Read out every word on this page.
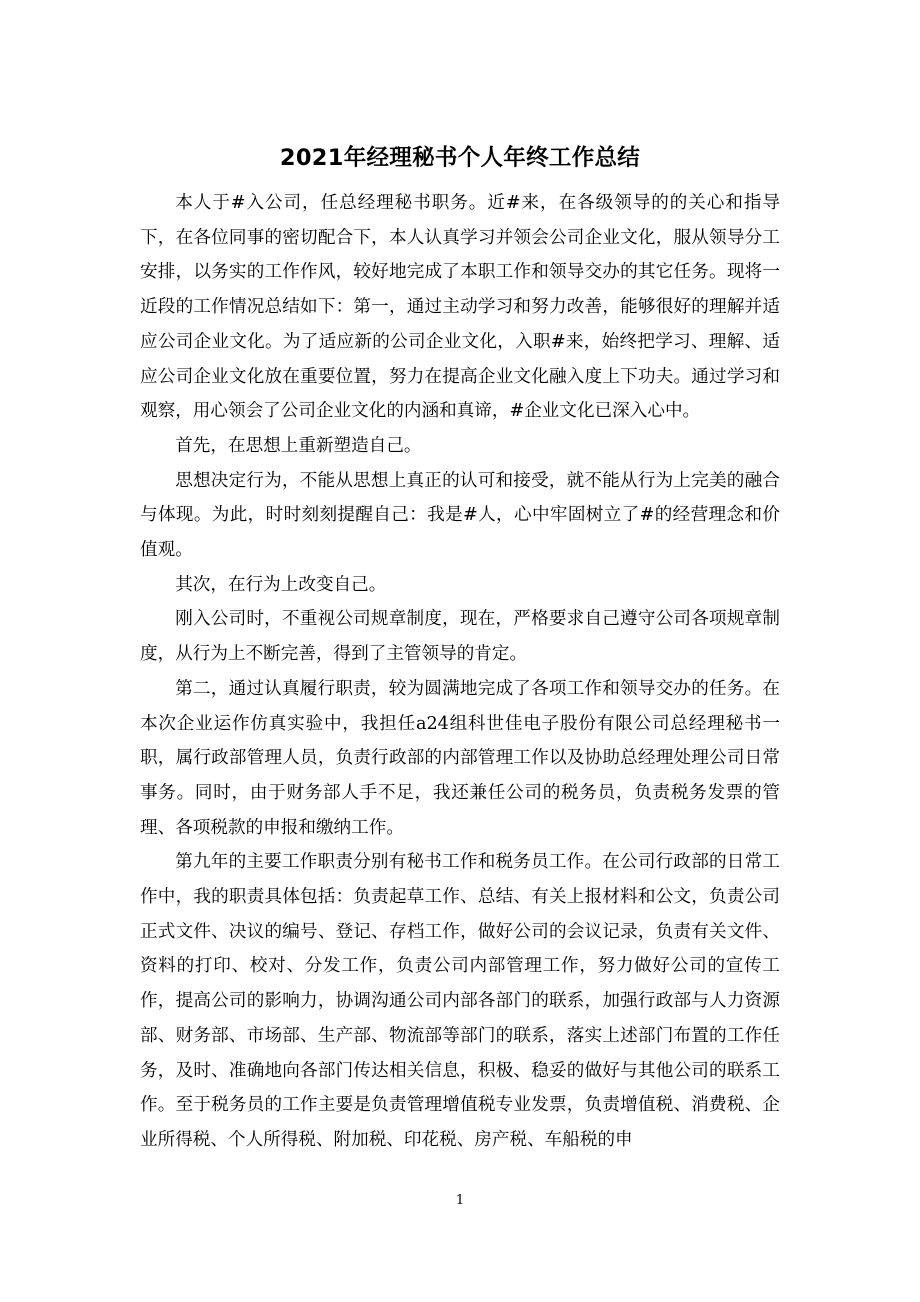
2021年经理秘书个人年终工作总结

本人于#入公司，任总经理秘书职务。近#来，在各级领导的的关心和指导下，在各位同事的密切配合下，本人认真学习并领会公司企业文化，服从领导分工安排，以务实的工作作风，较好地完成了本职工作和领导交办的其它任务。现将一近段的工作情况总结如下：第一，通过主动学习和努力改善，能够很好的理解并适应公司企业文化。为了适应新的公司企业文化，入职#来，始终把学习、理解、适应公司企业文化放在重要位置，努力在提高企业文化融入度上下功夫。通过学习和观察，用心领会了公司企业文化的内涵和真谛，#企业文化已深入心中。

首先，在思想上重新塑造自己。

思想决定行为，不能从思想上真正的认可和接受，就不能从行为上完美的融合与体现。为此，时时刻刻提醒自己：我是#人，心中牢固树立了#的经营理念和价值观。

其次，在行为上改变自己。

刚入公司时，不重视公司规章制度，现在，严格要求自己遵守公司各项规章制度，从行为上不断完善，得到了主管领导的肯定。

第二，通过认真履行职责，较为圆满地完成了各项工作和领导交办的任务。在本次企业运作仿真实验中，我担任a24组科世佳电子股份有限公司总经理秘书一职，属行政部管理人员，负责行政部的内部管理工作以及协助总经理处理公司日常事务。同时，由于财务部人手不足，我还兼任公司的税务员，负责税务发票的管理、各项税款的申报和缴纳工作。

第九年的主要工作职责分别有秘书工作和税务员工作。在公司行政部的日常工作中，我的职责具体包括：负责起草工作、总结、有关上报材料和公文，负责公司正式文件、决议的编号、登记、存档工作，做好公司的会议记录，负责有关文件、资料的打印、校对、分发工作，负责公司内部管理工作，努力做好公司的宣传工作，提高公司的影响力，协调沟通公司内部各部门的联系，加强行政部与人力资源部、财务部、市场部、生产部、物流部等部门的联系，落实上述部门布置的工作任务，及时、准确地向各部门传达相关信息，积极、稳妥的做好与其他公司的联系工作。至于税务员的工作主要是负责管理增值税专业发票，负责增值税、消费税、企业所得税、个人所得税、附加税、印花税、房产税、车船税的申

1
